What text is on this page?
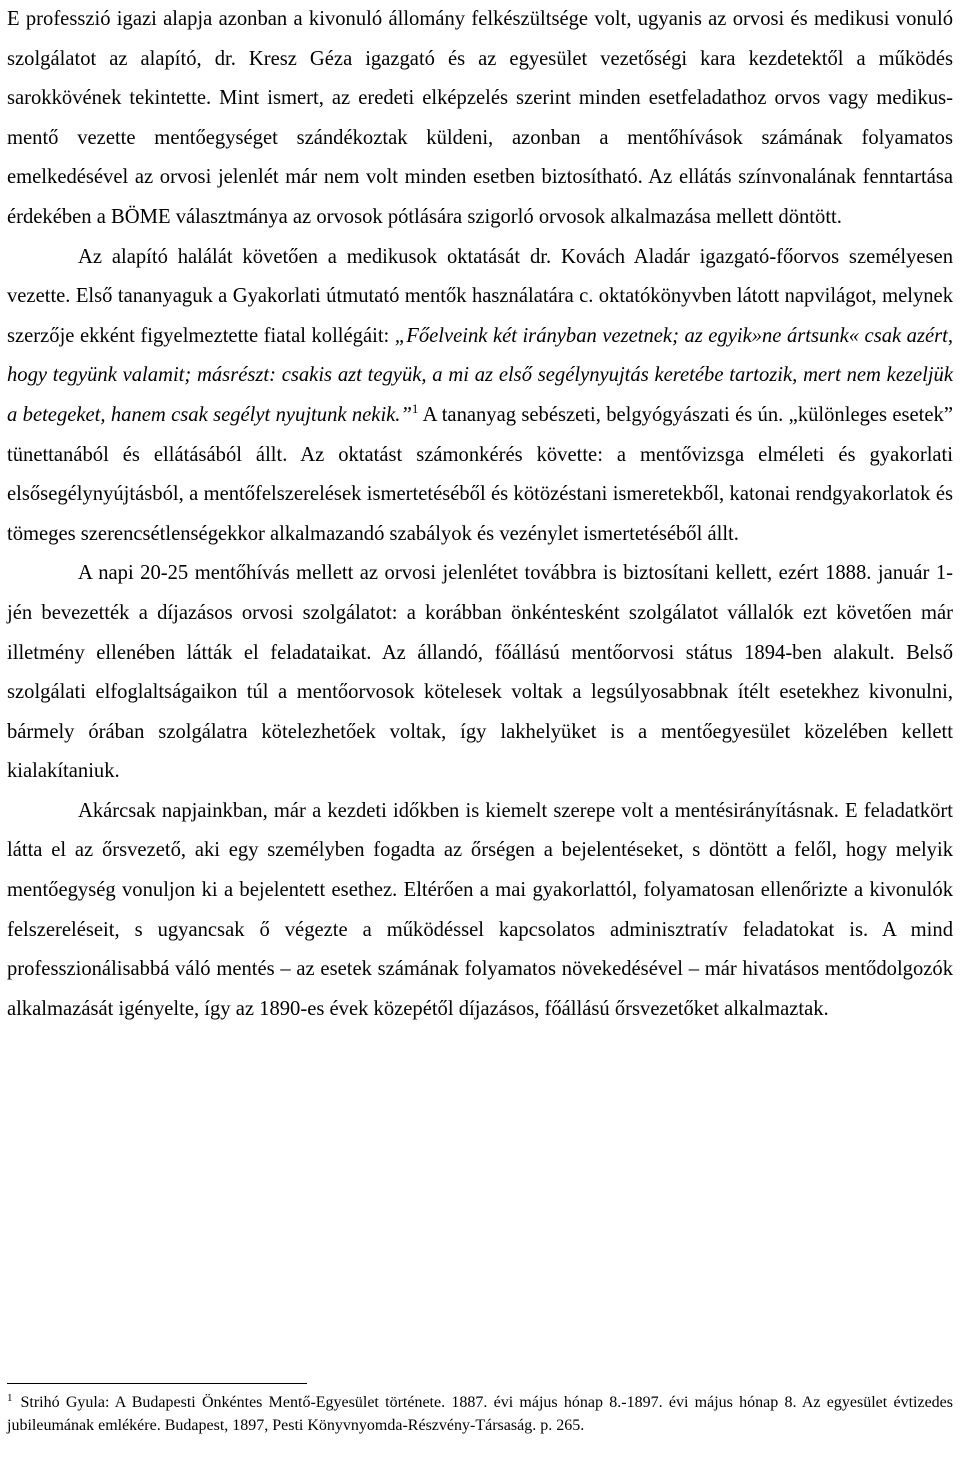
E professzió igazi alapja azonban a kivonuló állomány felkészültsége volt, ugyanis az orvosi és medikusi vonuló szolgálatot az alapító, dr. Kresz Géza igazgató és az egyesület vezetőségi kara kezdetektől a működés sarokkövének tekintette. Mint ismert, az eredeti elképzelés szerint minden esetfeladathoz orvos vagy medikus-mentő vezette mentőegységet szándékoztak küldeni, azonban a mentőhívások számának folyamatos emelkedésével az orvosi jelenlét már nem volt minden esetben biztosítható. Az ellátás színvonalának fenntartása érdekében a BÖME választmánya az orvosok pótlására szigorló orvosok alkalmazása mellett döntött.

Az alapító halálát követően a medikusok oktatását dr. Kovách Aladár igazgató-főorvos személyesen vezette. Első tananyaguk a Gyakorlati útmutató mentők használatára c. oktatókönyvben látott napvilágot, melynek szerzője ekként figyelmeztette fiatal kollégáit: „Főelveink két irányban vezetnek; az egyik»ne ártsunk« csak azért, hogy tegyünk valamit; másrészt: csakis azt tegyük, a mi az első segélynyujtás keretébe tartozik, mert nem kezeljük a betegeket, hanem csak segélyt nyujtunk nekik.”$^1$ A tananyag sebészeti, belgyógyászati és ún. „különleges esetek” tünettanából és ellátásából állt. Az oktatást számonkérés követte: a mentővizsga elméleti és gyakorlati elsősegélynyújtásból, a mentőfelszerelések ismertetéséből és kötözéstani ismeretekből, katonai rendgyakorlatok és tömeges szerencsétlenségekkor alkalmazandó szabályok és vezénylet ismertetéséből állt.

A napi 20-25 mentőhívás mellett az orvosi jelenlétet továbbra is biztosítani kellett, ezért 1888. január 1-jén bevezették a díjazásos orvosi szolgálatot: a korábban önkéntesként szolgálatot vállalók ezt követően már illetmény ellenében látták el feladataikat. Az állandó, főállású mentőorvosi státus 1894-ben alakult. Belső szolgálati elfoglaltságaikon túl a mentőorvosok kötelesek voltak a legsúlyosabbnak ítélt esetekhez kivonulni, bármely órában szolgálatra kötelezhetőek voltak, így lakhelyüket is a mentőegyesület közelében kellett kialakítaniuk.

Akárcsak napjainkban, már a kezdeti időkben is kiemelt szerepe volt a mentésirányításnak. E feladatkört látta el az őrsvezető, aki egy személyben fogadta az őrségen a bejelentéseket, s döntött a felől, hogy melyik mentőegység vonuljon ki a bejelentett esethez. Eltérően a mai gyakorlattól, folyamatosan ellenőrizte a kivonulók felszereléseit, s ugyancsak ő végezte a működéssel kapcsolatos adminisztratív feladatokat is. A mind professzionálisabbá váló mentés – az esetek számának folyamatos növekedésével – már hivatásos mentődolgozók alkalmazását igényelte, így az 1890-es évek közepétől díjazásos, főállású őrsvezetőket alkalmaztak.

$^1$ Strihó Gyula: A Budapesti Önkéntes Mentő-Egyesület története. 1887. évi május hónap 8.-1897. évi május hónap 8. Az egyesület évtizedes jubileumának emlékére. Budapest, 1897, Pesti Könyvnyomda-Részvény-Társaság. p. 265.
